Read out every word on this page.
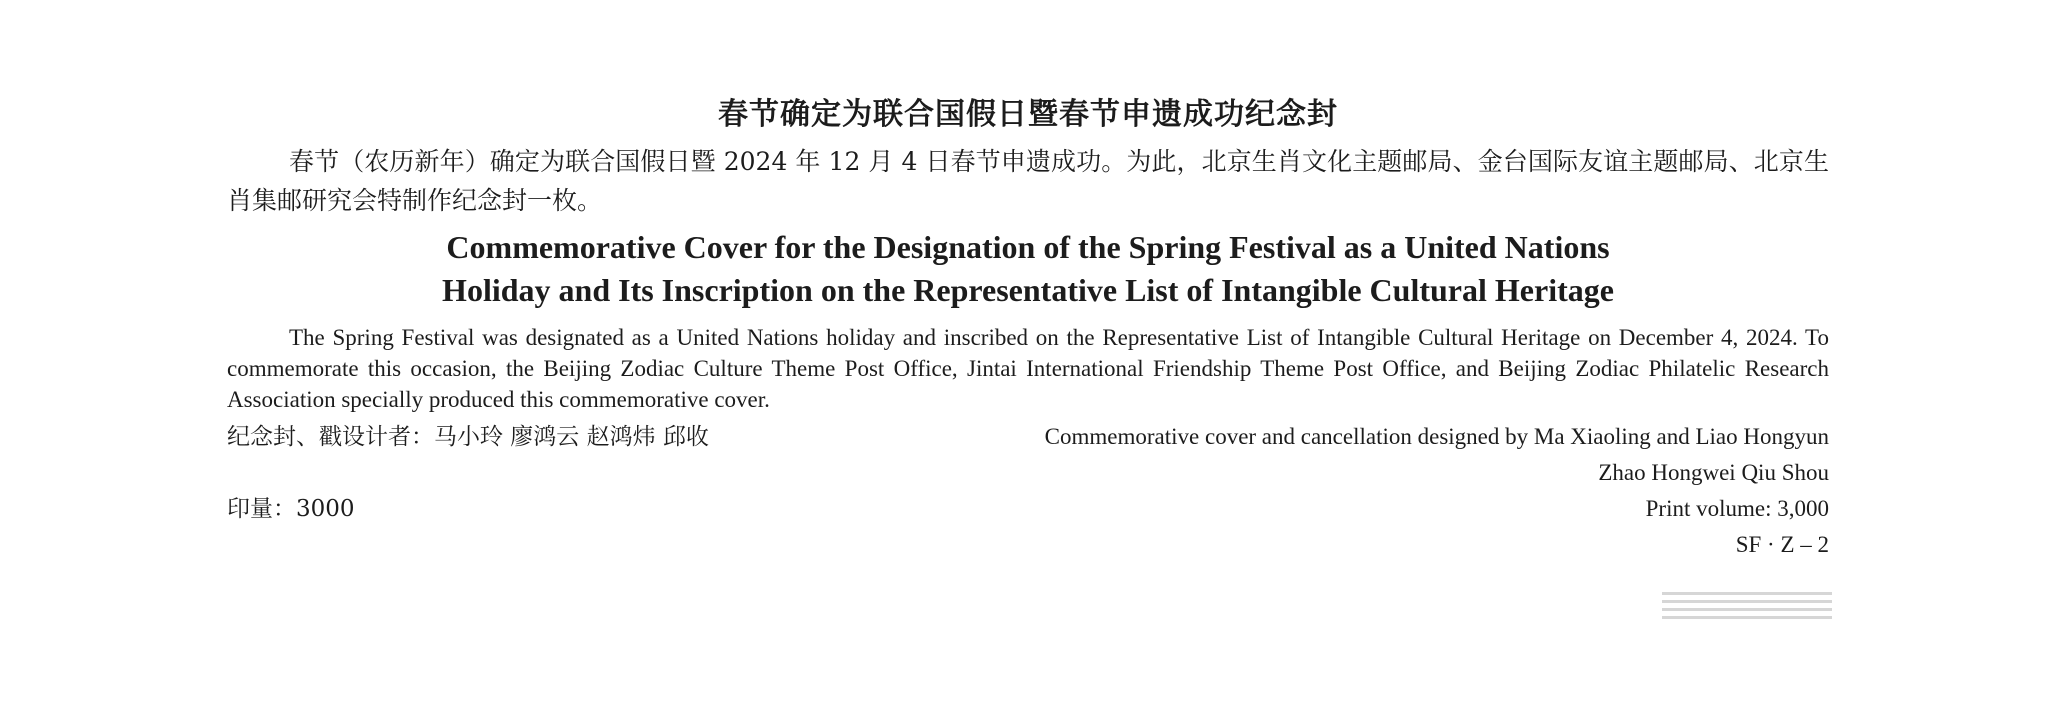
春节确定为联合国假日暨春节申遗成功纪念封

春节（农历新年）确定为联合国假日暨 2024 年 12 月 4 日春节申遗成功。为此，北京生肖文化主题邮局、金台国际友谊主题邮局、北京生肖集邮研究会特制作纪念封一枚。

Commemorative Cover for the Designation of the Spring Festival as a United Nations
Holiday and Its Inscription on the Representative List of Intangible Cultural Heritage

The Spring Festival was designated as a United Nations holiday and inscribed on the Representative List of Intangible Cultural Heritage on December 4, 2024. To commemorate this occasion, the Beijing Zodiac Culture Theme Post Office, Jintai International Friendship Theme Post Office, and Beijing Zodiac Philatelic Research Association specially produced this commemorative cover.

纪念封、戳设计者：马小玲 廖鸿云 赵鸿炜 邱收
印量：3000
Commemorative cover and cancellation designed by Ma Xiaoling and Liao Hongyun
Zhao Hongwei Qiu Shou
Print volume: 3,000
SF · Z – 2
